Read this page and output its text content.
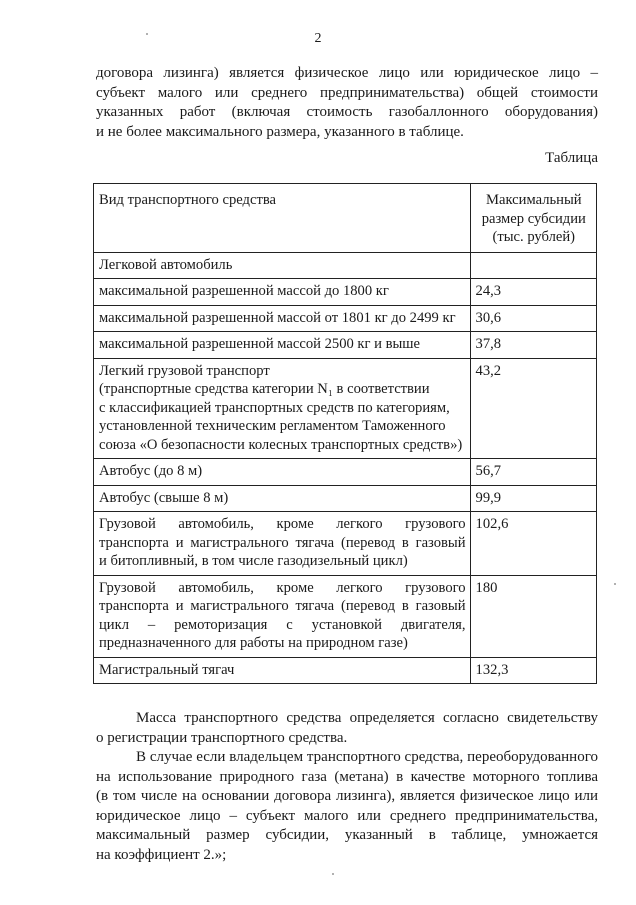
2
договора лизинга) является физическое лицо или юридическое лицо –
субъект малого или среднего предпринимательства) общей стоимости
указанных работ (включая стоимость газобаллонного оборудования)
и не более максимального размера, указанного в таблице.
Таблица
Вид транспортного средства	Максимальный
размер субсидии
(тыс. рублей)

Легковой автомобиль	

максимальной разрешенной массой до 1800 кг	24,3

максимальной разрешенной массой от 1801 кг до 2499 кг	30,6

максимальной разрешенной массой 2500 кг и выше	37,8

Легкий грузовой транспорт
(транспортные средства категории N₁ в соответствии
с классификацией транспортных средств по категориям,
установленной техническим регламентом Таможенного
союза «О безопасности колесных транспортных средств»)	43,2

Автобус (до 8 м)	56,7

Автобус (свыше 8 м)	99,9

Грузовой автомобиль, кроме легкого грузового
транспорта и магистрального тягача (перевод в газовый
и битопливный, в том числе газодизельный цикл)	102,6

Грузовой автомобиль, кроме легкого грузового
транспорта и магистрального тягача (перевод в газовый
цикл – ремоторизация с установкой двигателя,
предназначенного для работы на природном газе)	180

Магистральный тягач	132,3
Масса транспортного средства определяется согласно свидетельству
о регистрации транспортного средства.
В случае если владельцем транспортного средства, переоборудованного
на использование природного газа (метана) в качестве моторного топлива
(в том числе на основании договора лизинга), является физическое лицо или
юридическое лицо – субъект малого или среднего предпринимательства,
максимальный размер субсидии, указанный в таблице, умножается
на коэффициент 2.»;
